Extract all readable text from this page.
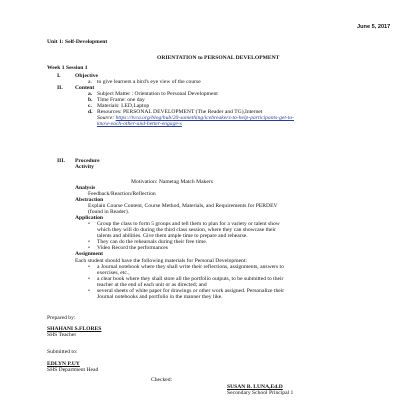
June 5, 2017
Unit 1: Self-Development
ORIENTATION to PERSONAL DEVELOPMENT
Week 1 Session 1
I.	Objective
a. to give learners a bird's eye view of the course
II. Content
a. Subject Matter : Orientation to Personal Development
b. Time Frame: one day
c. Materials: LED,Laptop
d. Resources: PERSONAL DEVELOPMENT (The Reader and TG),Internet
Source: https://tvca.org/blog/hub/20-something/icebreakers-to-help-participants-get-to-
know-each-other-and-better-engage-s
III. Procedure
Activity
Motivation: Nametag Match Makers
Analysis
Feedback/Reaction/Reflection
Abstraction
Explain Course Content, Course Method, Materials, and Requirements for PERDEV
(found in Reader).
Application
• Group the class to form 5 groups and tell them to plan for a variety or talent show
which they will do during the third class session, where they can showcase their
talents and abilities. Give them ample time to prepare and rehearse.
• They can do the rehearsals during their free time.
• Video Record the performances
Assignment
Each student should have the following materials for Personal Development:
• a Journal notebook where they shall write their reflections, assignments, answers to
exercises, etc.,
• a clear book where they shall store all the portfolio outputs, to be submitted to their
teacher at the end of each unit or as directed; and
• several sheets of white paper for drawings or other work assigned. Personalize their
Journal notebooks and portfolio in the manner they like.
Prepared by:
SHAHANI S.FLORES
SHS Teacher
Submitted to:
EDLYN P.UY
SHS Department Head
Checked:
SUSAN B. LUNA,Ed.D
Secondary School Principal 1
